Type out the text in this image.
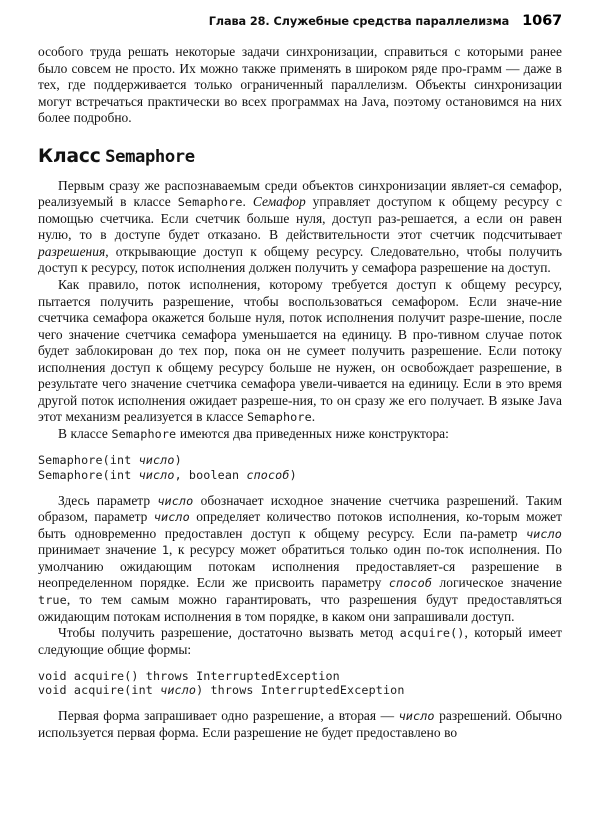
Глава 28. Служебные средства параллелизма 1067

особого труда решать некоторые задачи синхронизации, справиться с которыми ранее было совсем не просто. Их можно также применять в широком ряде про-грамм — даже в тех, где поддерживается только ограниченный параллелизм. Объекты синхронизации могут встречаться практически во всех программах на Java, поэтому остановимся на них более подробно.

Класс Semaphore

Первым сразу же распознаваемым среди объектов синхронизации являет-ся семафор, реализуемый в классе Semaphore. Семафор управляет доступом к общему ресурсу с помощью счетчика. Если счетчик больше нуля, доступ раз-решается, а если он равен нулю, то в доступе будет отказано. В действительности этот счетчик подсчитывает разрешения, открывающие доступ к общему ресурсу. Следовательно, чтобы получить доступ к ресурсу, поток исполнения должен получить у семафора разрешение на доступ.

Как правило, поток исполнения, которому требуется доступ к общему ресурсу, пытается получить разрешение, чтобы воспользоваться семафором. Если значе-ние счетчика семафора окажется больше нуля, поток исполнения получит разре-шение, после чего значение счетчика семафора уменьшается на единицу. В про-тивном случае поток будет заблокирован до тех пор, пока он не сумеет получить разрешение. Если потоку исполнения доступ к общему ресурсу больше не нужен, он освобождает разрешение, в результате чего значение счетчика семафора увели-чивается на единицу. Если в это время другой поток исполнения ожидает разреше-ния, то он сразу же его получает. В языке Java этот механизм реализуется в классе Semaphore.

В классе Semaphore имеются два приведенных ниже конструктора:

Semaphore(int число)
Semaphore(int число, boolean способ)

Здесь параметр число обозначает исходное значение счетчика разрешений. Таким образом, параметр число определяет количество потоков исполнения, ко-торым может быть одновременно предоставлен доступ к общему ресурсу. Если па-раметр число принимает значение 1, к ресурсу может обратиться только один по-ток исполнения. По умолчанию ожидающим потокам исполнения предоставляет-ся разрешение в неопределенном порядке. Если же присвоить параметру способ логическое значение true, то тем самым можно гарантировать, что разрешения будут предоставляться ожидающим потокам исполнения в том порядке, в каком они запрашивали доступ.

Чтобы получить разрешение, достаточно вызвать метод acquire(), который имеет следующие общие формы:

void acquire() throws InterruptedException
void acquire(int число) throws InterruptedException

Первая форма запрашивает одно разрешение, а вторая — число разрешений. Обычно используется первая форма. Если разрешение не будет предоставлено во
